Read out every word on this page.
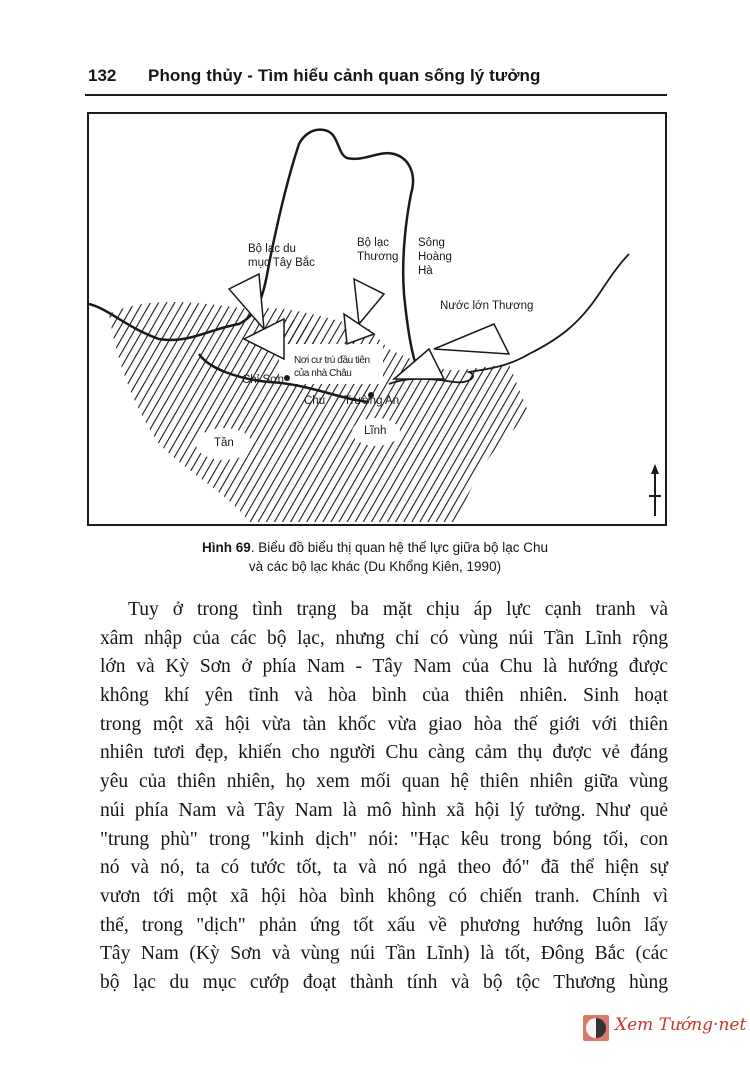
132 Phong thủy - Tìm hiểu cảnh quan sống lý tưởng
Bộ lạc du
mục Tây Bắc
Bộ lạc
Thương
Sông
Hoàng
Hà
Nước lớn Thương
Nơi cư trú đầu tiên
của nhà Châu
Chỉ Sơn
Chu Trường An
Tần
Lĩnh
Hình 69. Biểu đồ biểu thị quan hệ thế lực giữa bộ lạc Chu
và các bộ lạc khác (Du Khổng Kiên, 1990)
Tuy ở trong tình trạng ba mặt chịu áp lực cạnh tranh và
xâm nhập của các bộ lạc, nhưng chỉ có vùng núi Tần Lĩnh rộng
lớn và Kỳ Sơn ở phía Nam - Tây Nam của Chu là hướng được
không khí yên tĩnh và hòa bình của thiên nhiên. Sinh hoạt
trong một xã hội vừa tàn khốc vừa giao hòa thế giới với thiên
nhiên tươi đẹp, khiến cho người Chu càng cảm thụ được vẻ đáng
yêu của thiên nhiên, họ xem mối quan hệ thiên nhiên giữa vùng
núi phía Nam và Tây Nam là mô hình xã hội lý tưởng. Như quẻ
"trung phù" trong "kinh dịch" nói: "Hạc kêu trong bóng tối, con
nó và nó, ta có tước tốt, ta và nó ngả theo đó" đã thể hiện sự
vươn tới một xã hội hòa bình không có chiến tranh. Chính vì
thế, trong "dịch" phản ứng tốt xấu về phương hướng luôn lấy
Tây Nam (Kỳ Sơn và vùng núi Tần Lĩnh) là tốt, Đông Bắc (các
bộ lạc du mục cướp đoạt thành tính và bộ tộc Thương hùng
Xem Tướng·net
